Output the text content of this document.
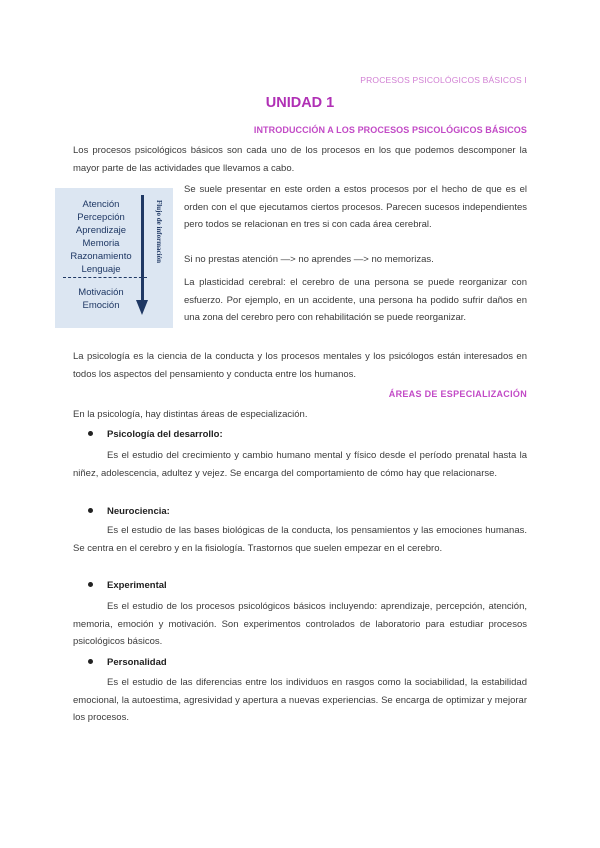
PROCESOS PSICOLÓGICOS BÁSICOS I
UNIDAD 1
INTRODUCCIÓN A LOS PROCESOS PSICOLÓGICOS BÁSICOS
Los procesos psicológicos básicos son cada uno de los procesos en los que podemos descomponer la mayor parte de las actividades que llevamos a cabo.
Atención
Percepción
Aprendizaje
Memoria
Razonamiento
Lenguaje
Motivación
Emoción
Flujo de información
Se suele presentar en este orden a estos procesos por el hecho de que es el orden con el que ejecutamos ciertos procesos. Parecen sucesos independientes pero todos se relacionan en tres si con cada área cerebral.
Si no prestas atención —> no aprendes —> no memorizas.
La plasticidad cerebral: el cerebro de una persona se puede reorganizar con esfuerzo. Por ejemplo, en un accidente, una persona ha podido sufrir daños en una zona del cerebro pero con rehabilitación se puede reorganizar.
La psicología es la ciencia de la conducta y los procesos mentales y los psicólogos están interesados en todos los aspectos del pensamiento y conducta entre los humanos.
ÁREAS DE ESPECIALIZACIÓN
En la psicología, hay distintas áreas de especialización.
Psicología del desarrollo:
Es el estudio del crecimiento y cambio humano mental y físico desde el período prenatal hasta la niñez, adolescencia, adultez y vejez. Se encarga del comportamiento de cómo hay que relacionarse.
Neurociencia:
Es el estudio de las bases biológicas de la conducta, los pensamientos y las emociones humanas. Se centra en el cerebro y en la fisiología. Trastornos que suelen empezar en el cerebro.
Experimental
Es el estudio de los procesos psicológicos básicos incluyendo: aprendizaje, percepción, atención, memoria, emoción y motivación. Son experimentos controlados de laboratorio para estudiar procesos psicológicos básicos.
Personalidad
Es el estudio de las diferencias entre los individuos en rasgos como la sociabilidad, la estabilidad emocional, la autoestima, agresividad y apertura a nuevas experiencias. Se encarga de optimizar y mejorar los procesos.
